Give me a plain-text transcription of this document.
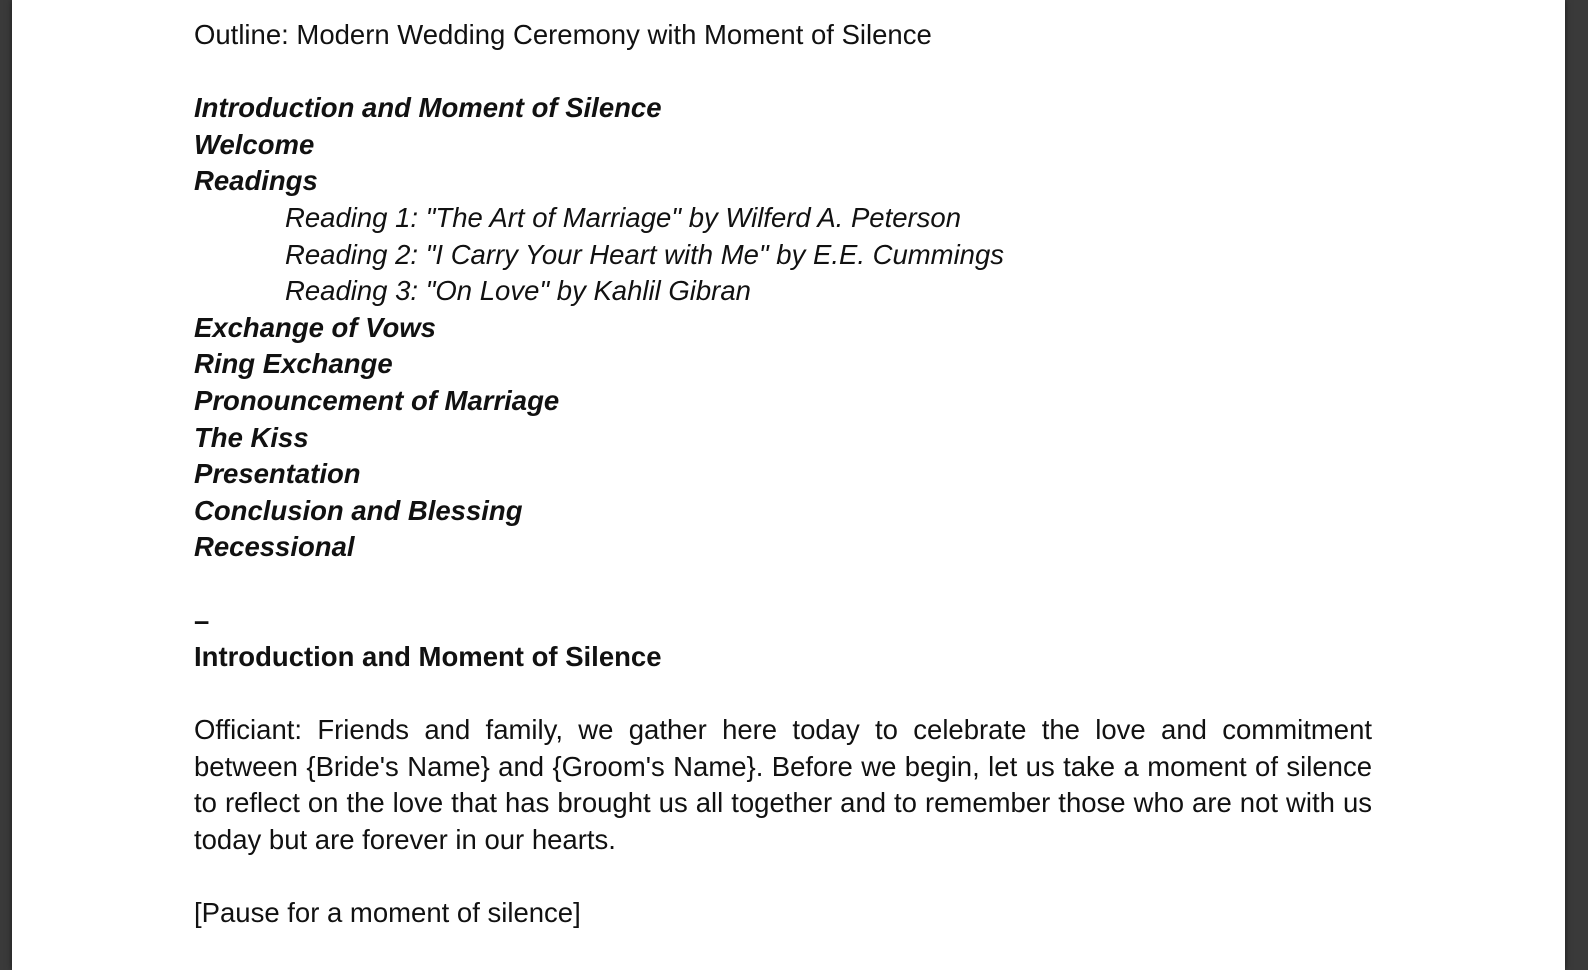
Outline: Modern Wedding Ceremony with Moment of Silence
Introduction and Moment of Silence
Welcome
Readings
Reading 1: "The Art of Marriage" by Wilferd A. Peterson
Reading 2: "I Carry Your Heart with Me" by E.E. Cummings
Reading 3: "On Love" by Kahlil Gibran
Exchange of Vows
Ring Exchange
Pronouncement of Marriage
The Kiss
Presentation
Conclusion and Blessing
Recessional
–
Introduction and Moment of Silence
Officiant: Friends and family, we gather here today to celebrate the love and commitment between {Bride's Name} and {Groom's Name}. Before we begin, let us take a moment of silence to reflect on the love that has brought us all together and to remember those who are not with us today but are forever in our hearts.
[Pause for a moment of silence]
